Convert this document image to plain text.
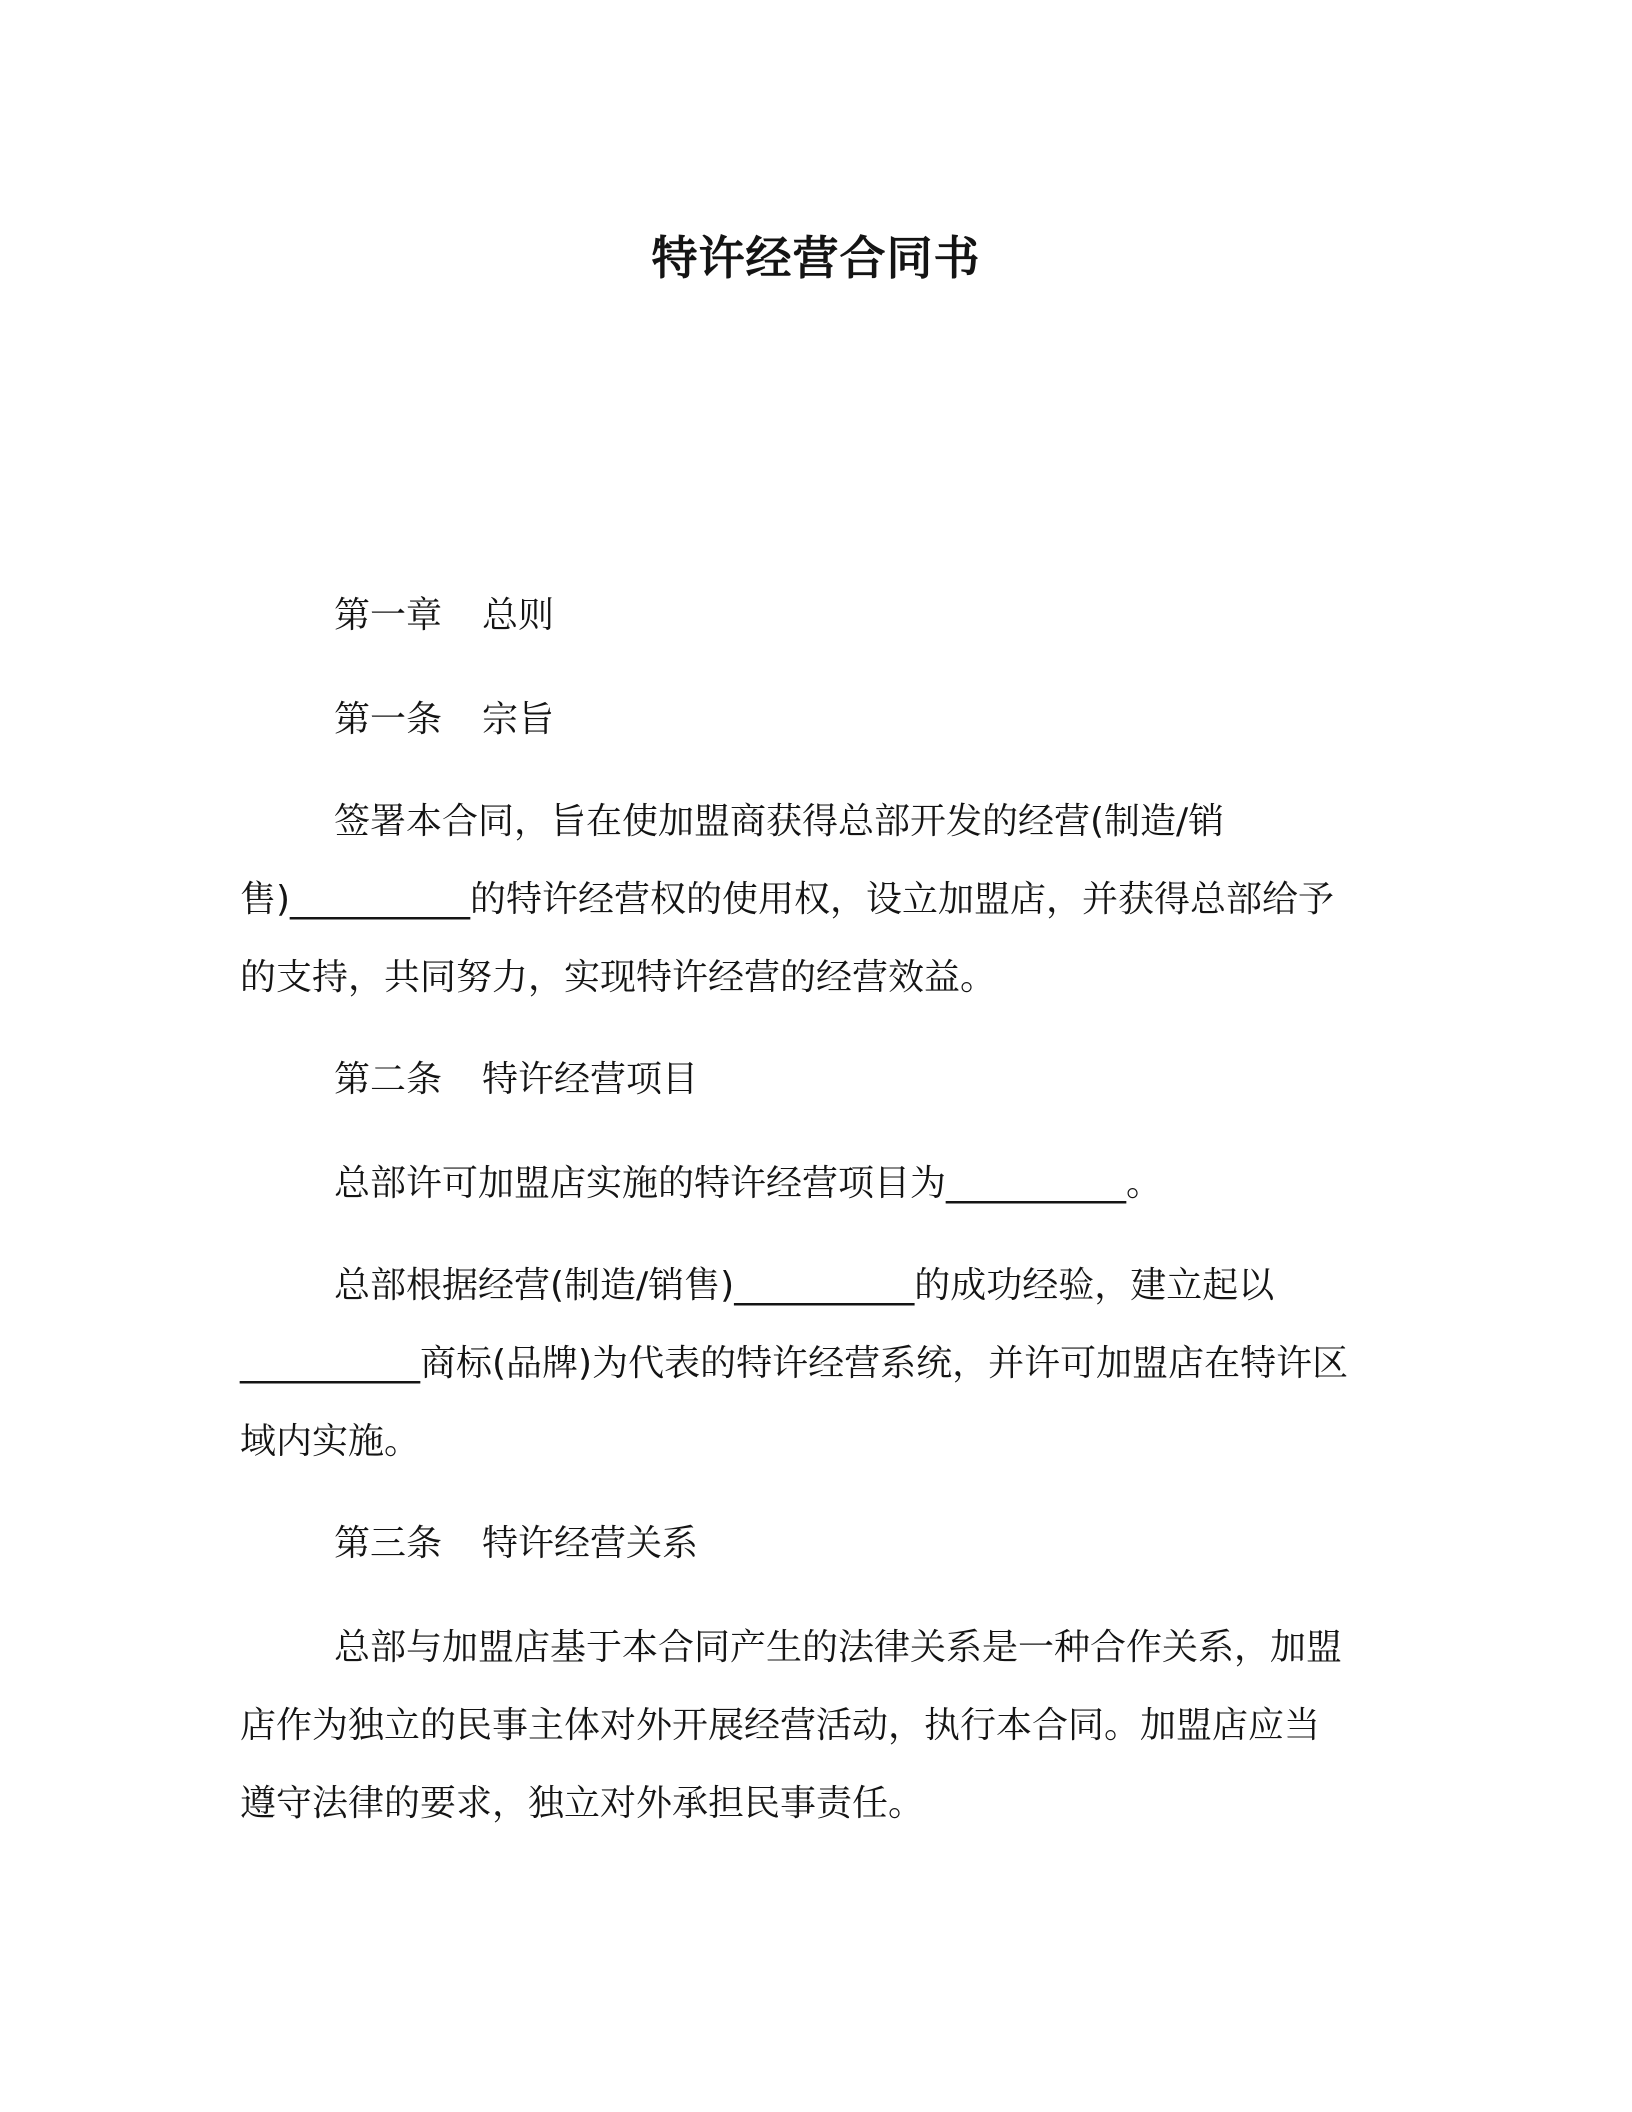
特许经营合同书
第一章 总则
第一条 宗旨
签署本合同，旨在使加盟商获得总部开发的经营(制造/销
售)__________的特许经营权的使用权，设立加盟店，并获得总部给予
的支持，共同努力，实现特许经营的经营效益。
第二条 特许经营项目
总部许可加盟店实施的特许经营项目为__________。
总部根据经营(制造/销售)__________的成功经验，建立起以
__________商标(品牌)为代表的特许经营系统，并许可加盟店在特许区
域内实施。
第三条 特许经营关系
总部与加盟店基于本合同产生的法律关系是一种合作关系，加盟
店作为独立的民事主体对外开展经营活动，执行本合同。加盟店应当
遵守法律的要求，独立对外承担民事责任。
